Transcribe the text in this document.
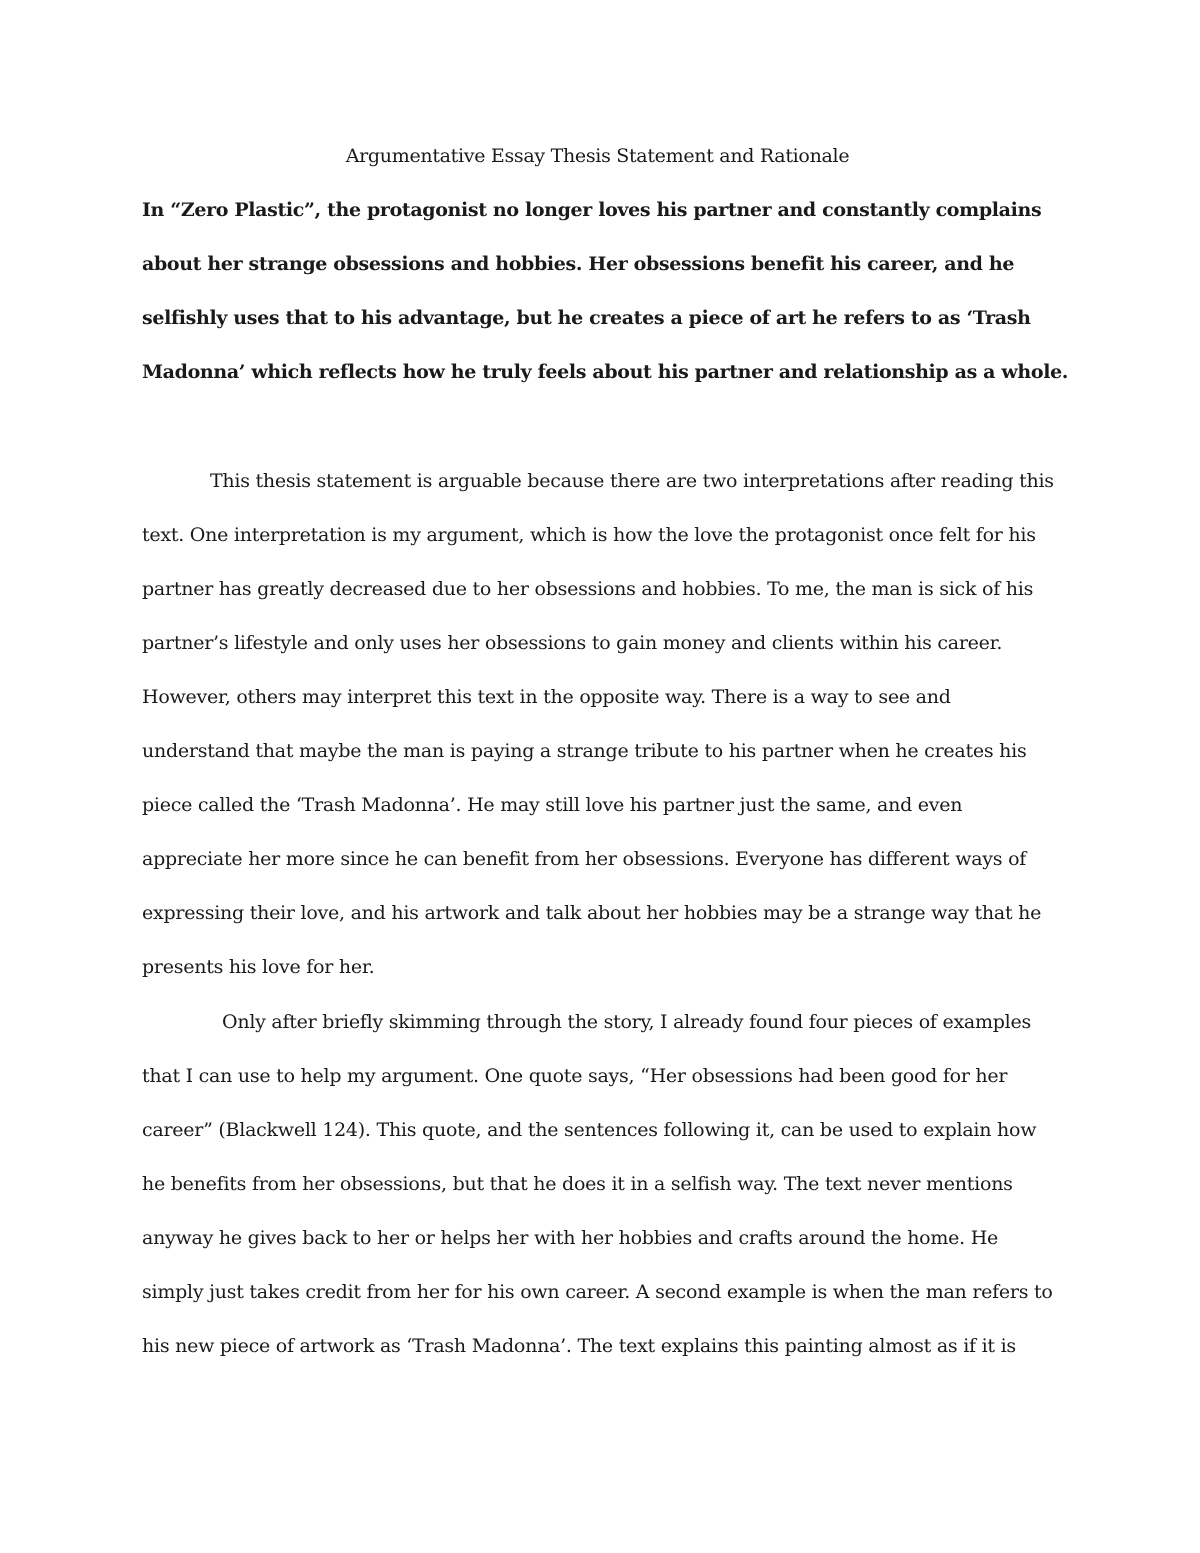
Argumentative Essay Thesis Statement and Rationale

In “Zero Plastic”, the protagonist no longer loves his partner and constantly complains

about her strange obsessions and hobbies. Her obsessions benefit his career, and he

selfishly uses that to his advantage, but he creates a piece of art he refers to as ‘Trash

Madonna’ which reflects how he truly feels about his partner and relationship as a whole.

This thesis statement is arguable because there are two interpretations after reading this

text. One interpretation is my argument, which is how the love the protagonist once felt for his

partner has greatly decreased due to her obsessions and hobbies. To me, the man is sick of his

partner’s lifestyle and only uses her obsessions to gain money and clients within his career.

However, others may interpret this text in the opposite way. There is a way to see and

understand that maybe the man is paying a strange tribute to his partner when he creates his

piece called the ‘Trash Madonna’. He may still love his partner just the same, and even

appreciate her more since he can benefit from her obsessions. Everyone has different ways of

expressing their love, and his artwork and talk about her hobbies may be a strange way that he

presents his love for her.

Only after briefly skimming through the story, I already found four pieces of examples

that I can use to help my argument. One quote says, “Her obsessions had been good for her

career” (Blackwell 124). This quote, and the sentences following it, can be used to explain how

he benefits from her obsessions, but that he does it in a selfish way. The text never mentions

anyway he gives back to her or helps her with her hobbies and crafts around the home. He

simply just takes credit from her for his own career. A second example is when the man refers to

his new piece of artwork as ‘Trash Madonna’. The text explains this painting almost as if it is
